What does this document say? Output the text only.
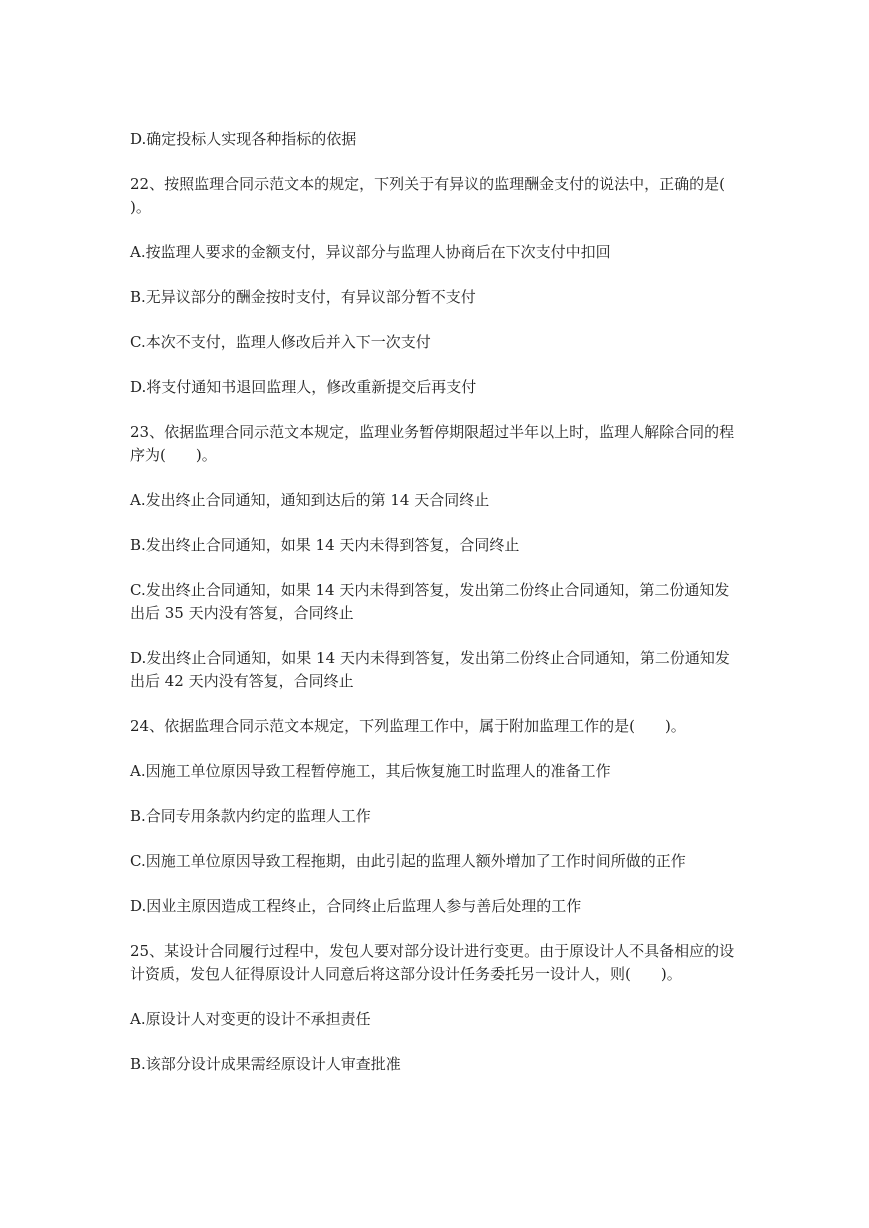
D.确定投标人实现各种指标的依据

22、按照监理合同示范文本的规定，下列关于有异议的监理酬金支付的说法中，正确的是(　　)。

A.按监理人要求的金额支付，异议部分与监理人协商后在下次支付中扣回

B.无异议部分的酬金按时支付，有异议部分暂不支付

C.本次不支付，监理人修改后并入下一次支付

D.将支付通知书退回监理人，修改重新提交后再支付

23、依据监理合同示范文本规定，监理业务暂停期限超过半年以上时，监理人解除合同的程序为(　　)。

A.发出终止合同通知，通知到达后的第 14 天合同终止

B.发出终止合同通知，如果 14 天内未得到答复，合同终止

C.发出终止合同通知，如果 14 天内未得到答复，发出第二份终止合同通知，第二份通知发出后 35 天内没有答复，合同终止

D.发出终止合同通知，如果 14 天内未得到答复，发出第二份终止合同通知，第二份通知发出后 42 天内没有答复，合同终止

24、依据监理合同示范文本规定，下列监理工作中，属于附加监理工作的是(　　)。

A.因施工单位原因导致工程暂停施工，其后恢复施工时监理人的准备工作

B.合同专用条款内约定的监理人工作

C.因施工单位原因导致工程拖期，由此引起的监理人额外增加了工作时间所做的正作

D.因业主原因造成工程终止，合同终止后监理人参与善后处理的工作

25、某设计合同履行过程中，发包人要对部分设计进行变更。由于原设计人不具备相应的设计资质，发包人征得原设计人同意后将这部分设计任务委托另一设计人，则(　　)。

A.原设计人对变更的设计不承担责任

B.该部分设计成果需经原设计人审查批准
